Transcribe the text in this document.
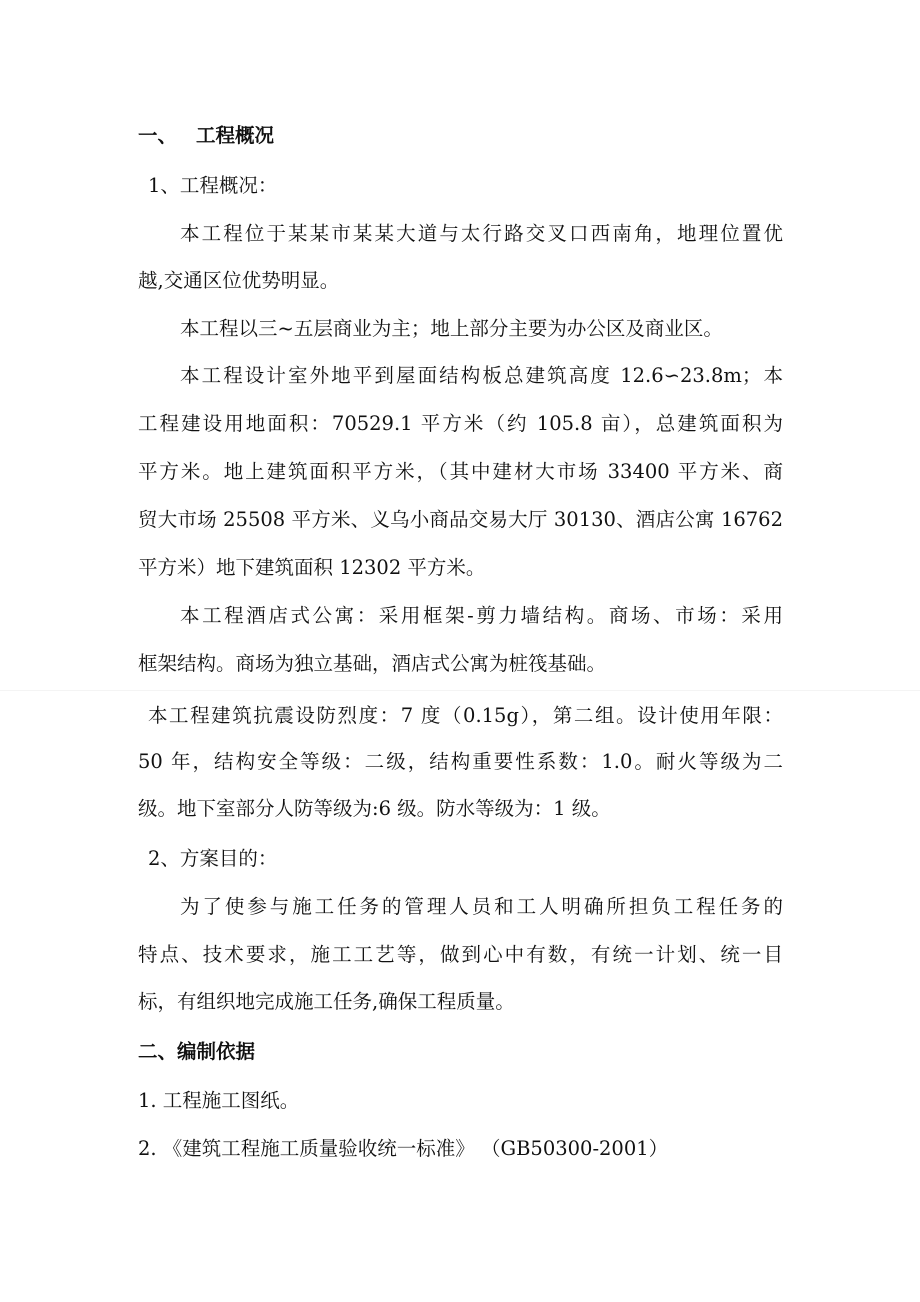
一、 工程概况

1、工程概况：

本工程位于某某市某某大道与太行路交叉口西南角，地理位置优

越,交通区位优势明显。

本工程以三~五层商业为主；地上部分主要为办公区及商业区。

本工程设计室外地平到屋面结构板总建筑高度 12.6∽23.8m；本

工程建设用地面积：70529.1 平方米（约 105.8 亩），总建筑面积为

平方米。地上建筑面积平方米，（其中建材大市场 33400 平方米、商

贸大市场 25508 平方米、义乌小商品交易大厅 30130、酒店公寓 16762

平方米）地下建筑面积 12302 平方米。

本工程酒店式公寓：采用框架-剪力墙结构。商场、市场：采用

框架结构。商场为独立基础，酒店式公寓为桩筏基础。

本工程建筑抗震设防烈度：7 度（0.15g），第二组。设计使用年限：

50 年，结构安全等级：二级，结构重要性系数：1.0。耐火等级为二

级。地下室部分人防等级为:6 级。防水等级为：1 级。

2、方案目的：

为了使参与施工任务的管理人员和工人明确所担负工程任务的

特点、技术要求，施工工艺等，做到心中有数，有统一计划、统一目

标，有组织地完成施工任务,确保工程质量。

二、编制依据

1. 工程施工图纸。

2. 《建筑工程施工质量验收统一标准》 （GB50300-2001）
